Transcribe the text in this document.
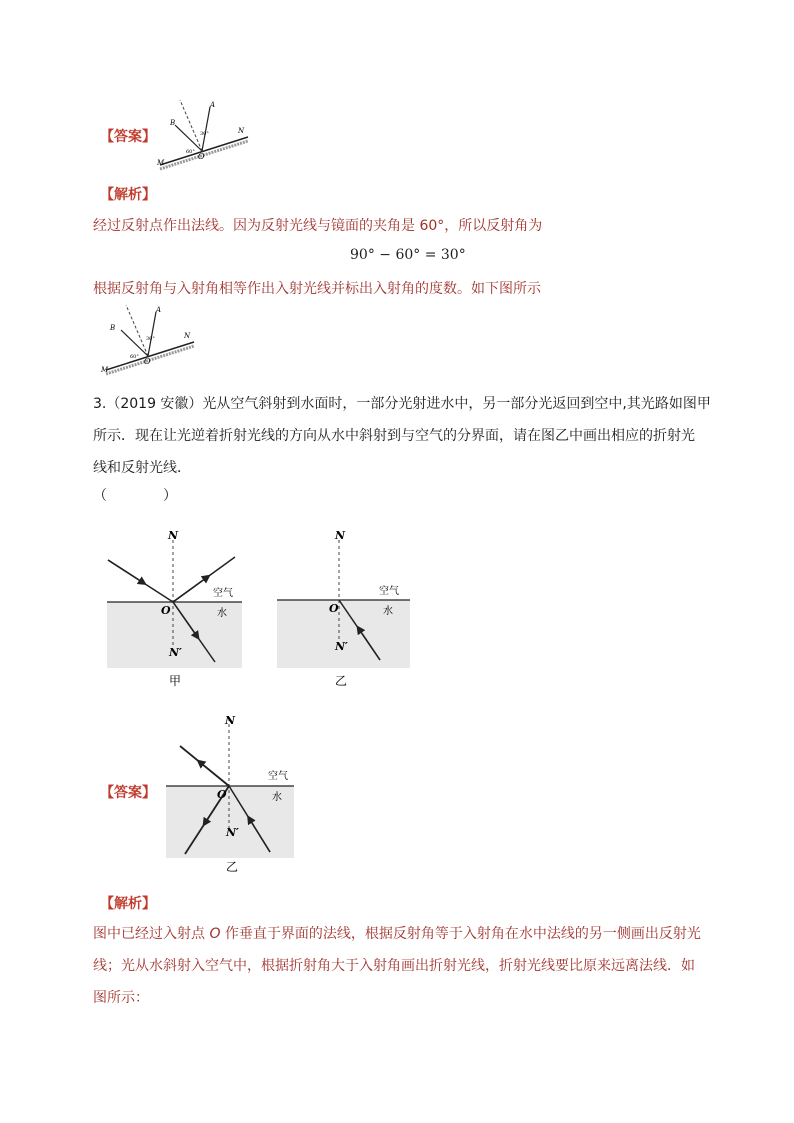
【答案】
M
N
A
B
O
60°
30°
【解析】
经过反射点作出法线。因为反射光线与镜面的夹角是 60°，所以反射角为
90° − 60° = 30°
根据反射角与入射角相等作出入射光线并标出入射角的度数。如下图所示
M
N
A
B
O
60°
30°
3.（2019 安徽）光从空气斜射到水面时，一部分光射进水中，另一部分光返回到空中,其光路如图甲
所示．现在让光逆着折射光线的方向从水中斜射到与空气的分界面，请在图乙中画出相应的折射光
线和反射光线．
（　　　　）
N
O
N′
空气
水
甲
N
O
N′
空气
水
乙
【答案】
N
O
N′
空气
水
乙
【解析】
图中已经过入射点 O 作垂直于界面的法线，根据反射角等于入射角在水中法线的另一侧画出反射光
线；光从水斜射入空气中，根据折射角大于入射角画出折射光线，折射光线要比原来远离法线．如
图所示：
